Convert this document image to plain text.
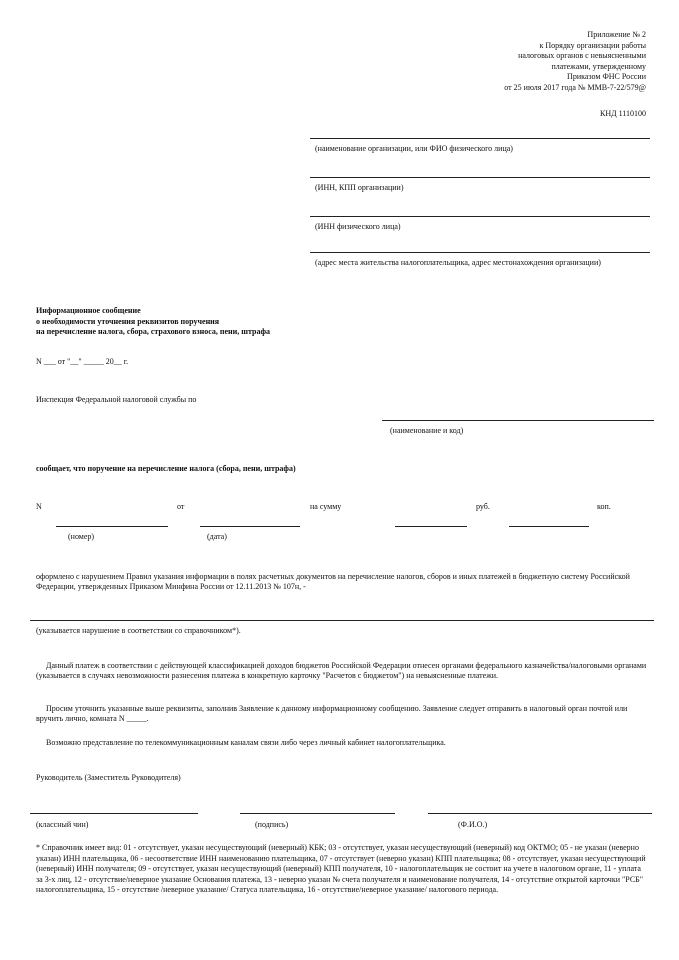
Приложение № 2
к Порядку организации работы
налоговых органов с невыясненными
платежами, утвержденному
Приказом ФНС России
от 25 июля 2017 года № ММВ-7-22/579@
КНД 1110100
(наименование организации, или ФИО физического лица)
(ИНН, КПП организации)
(ИНН физического лица)
(адрес места жительства налогоплательщика, адрес местонахождения организации)
Информационное сообщение
о необходимости уточнения реквизитов поручения
на перечисление налога, сбора, страхового взноса, пени, штрафа
N ___ от "__" _____ 20__ г.
Инспекция Федеральной налоговой службы по
(наименование и код)
сообщает, что поручение на перечисление налога (сбора, пени, штрафа)
N	от	на сумму	руб.	коп.
(номер)	(дата)
оформлено с нарушением Правил указания информации в полях расчетных документов на перечисление налогов, сборов и иных платежей в бюджетную систему Российской Федерации, утвержденных Приказом Минфина России от 12.11.2013 № 107н, -
(указывается нарушение в соответствии со справочником*).
Данный платеж в соответствии с действующей классификацией доходов бюджетов Российской Федерации отнесен органами федерального казначейства/налоговыми органами (указывается в случаях невозможности разнесения платежа в конкретную карточку "Расчетов с бюджетом") на невыясненные платежи.
Просим уточнить указанные выше реквизиты, заполнив Заявление к данному информационному сообщению. Заявление следует отправить в налоговый орган почтой или вручить лично, комната N _____.
Возможно представление по телекоммуникационным каналам связи либо через личный кабинет налогоплательщика.
Руководитель (Заместитель Руководителя)
(классный чин)	(подпись)	(Ф.И.О.)
* Справочник имеет вид: 01 - отсутствует, указан несуществующий (неверный) КБК; 03 - отсутствует, указан несуществующий (неверный) код ОКТМО; 05 - не указан (неверно указан) ИНН плательщика, 06 - несоответствие ИНН наименованию плательщика, 07 - отсутствует (неверно указан) КПП плательщика; 08 - отсутствует, указан несуществующий (неверный) ИНН получателя; 09 - отсутствует, указан несуществующий (неверный) КПП получателя, 10 - налогоплательщик не состоит на учете в налоговом органе, 11 - уплата за 3-х лиц, 12 - отсутствие/неверное указание Основания платежа, 13 - неверно указан № счета получателя и наименование получателя, 14 - отсутствие открытой карточки "РСБ" налогоплательщика, 15 - отсутствие /неверное указание/ Статуса плательщика, 16 - отсутствие/неверное указание/ налогового периода.
